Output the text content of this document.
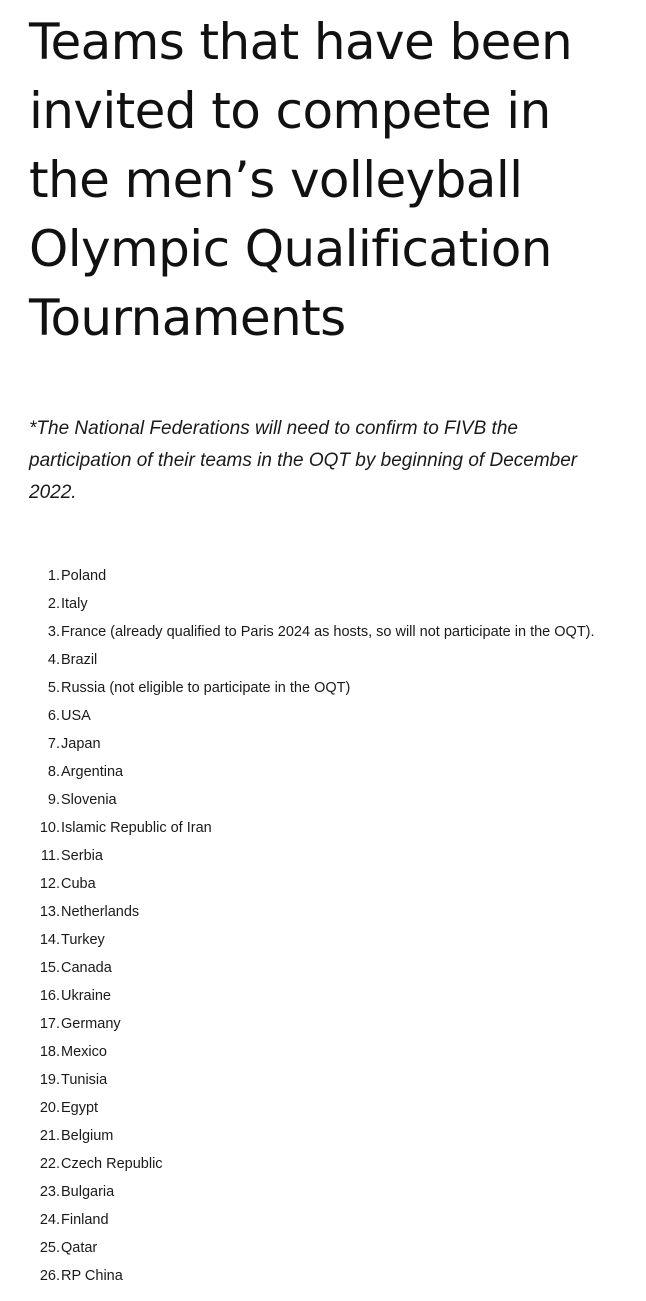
Teams that have been invited to compete in the men’s volleyball Olympic Qualification Tournaments

*The National Federations will need to confirm to FIVB the participation of their teams in the OQT by beginning of December 2022.

1. Poland
2. Italy
3. France (already qualified to Paris 2024 as hosts, so will not participate in the OQT).
4. Brazil
5. Russia (not eligible to participate in the OQT)
6. USA
7. Japan
8. Argentina
9. Slovenia
10. Islamic Republic of Iran
11. Serbia
12. Cuba
13. Netherlands
14. Turkey
15. Canada
16. Ukraine
17. Germany
18. Mexico
19. Tunisia
20. Egypt
21. Belgium
22. Czech Republic
23. Bulgaria
24. Finland
25. Qatar
26. RP China
